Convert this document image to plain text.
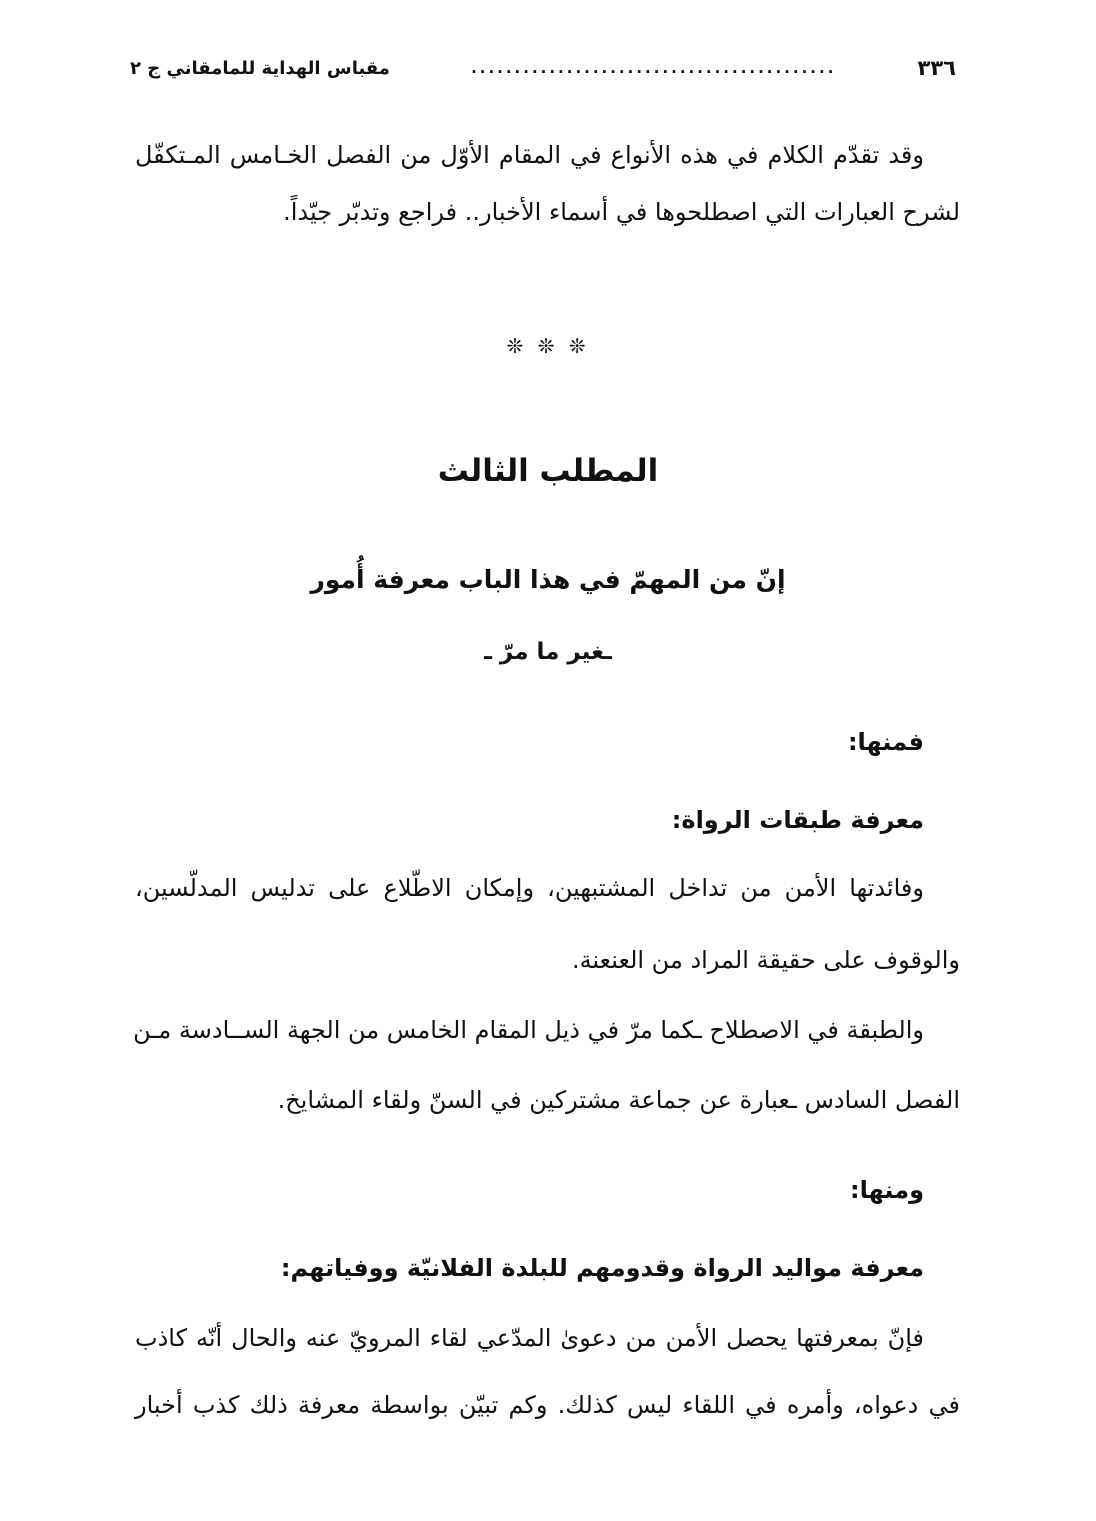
٣٣٦
..........................................
مقباس الهداية للمامقاني ج ٢
وقد تقدّم الكلام في هذه الأنواع في المقام الأوّل من الفصل الخـامس المـتكفّل
لشرح العبارات التي اصطلحوها في أسماء الأخبار.. فراجع وتدبّر جيّداً.
❊ ❊ ❊
المطلب الثالث
إنّ من المهمّ في هذا الباب معرفة أُمور
ـغير ما مرّ ـ
فمنها:
معرفة طبقات الرواة:
وفائدتها الأمن من تداخل المشتبهين، وإمكان الاطّلاع على تدليس المدلّسين،
والوقوف على حقيقة المراد من العنعنة.
والطبقة في الاصطلاح ـكما مرّ في ذيل المقام الخامس من الجهة الســادسة مـن
الفصل السادس ـعبارة عن جماعة مشتركين في السنّ ولقاء المشايخ.
ومنها:
معرفة مواليد الرواة وقدومهم للبلدة الفلانيّة ووفياتهم:
فإنّ بمعرفتها يحصل الأمن من دعوىٰ المدّعي لقاء المرويّ عنه والحال أنّه كاذب
في دعواه، وأمره في اللقاء ليس كذلك. وكم تبيّن بواسطة معرفة ذلك كذب أخبار
